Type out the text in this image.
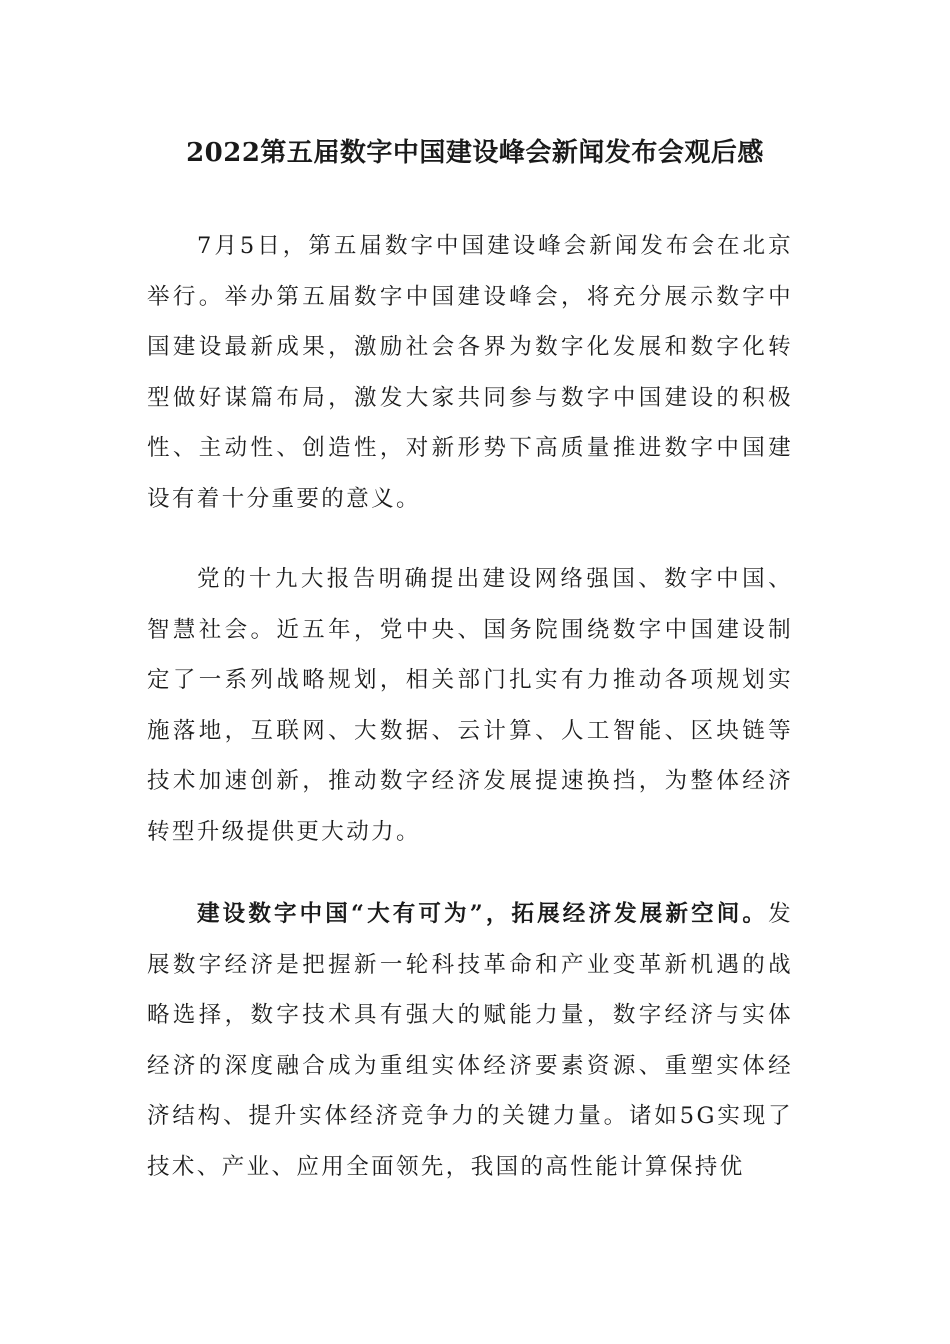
2022第五届数字中国建设峰会新闻发布会观后感

7月5日，第五届数字中国建设峰会新闻发布会在北京举行。举办第五届数字中国建设峰会，将充分展示数字中国建设最新成果，激励社会各界为数字化发展和数字化转型做好谋篇布局，激发大家共同参与数字中国建设的积极性、主动性、创造性，对新形势下高质量推进数字中国建设有着十分重要的意义。

党的十九大报告明确提出建设网络强国、数字中国、智慧社会。近五年，党中央、国务院围绕数字中国建设制定了一系列战略规划，相关部门扎实有力推动各项规划实施落地，互联网、大数据、云计算、人工智能、区块链等技术加速创新，推动数字经济发展提速换挡，为整体经济转型升级提供更大动力。

建设数字中国“大有可为”，拓展经济发展新空间。发展数字经济是把握新一轮科技革命和产业变革新机遇的战略选择，数字技术具有强大的赋能力量，数字经济与实体经济的深度融合成为重组实体经济要素资源、重塑实体经济结构、提升实体经济竞争力的关键力量。诸如5G实现了技术、产业、应用全面领先，我国的高性能计算保持优
